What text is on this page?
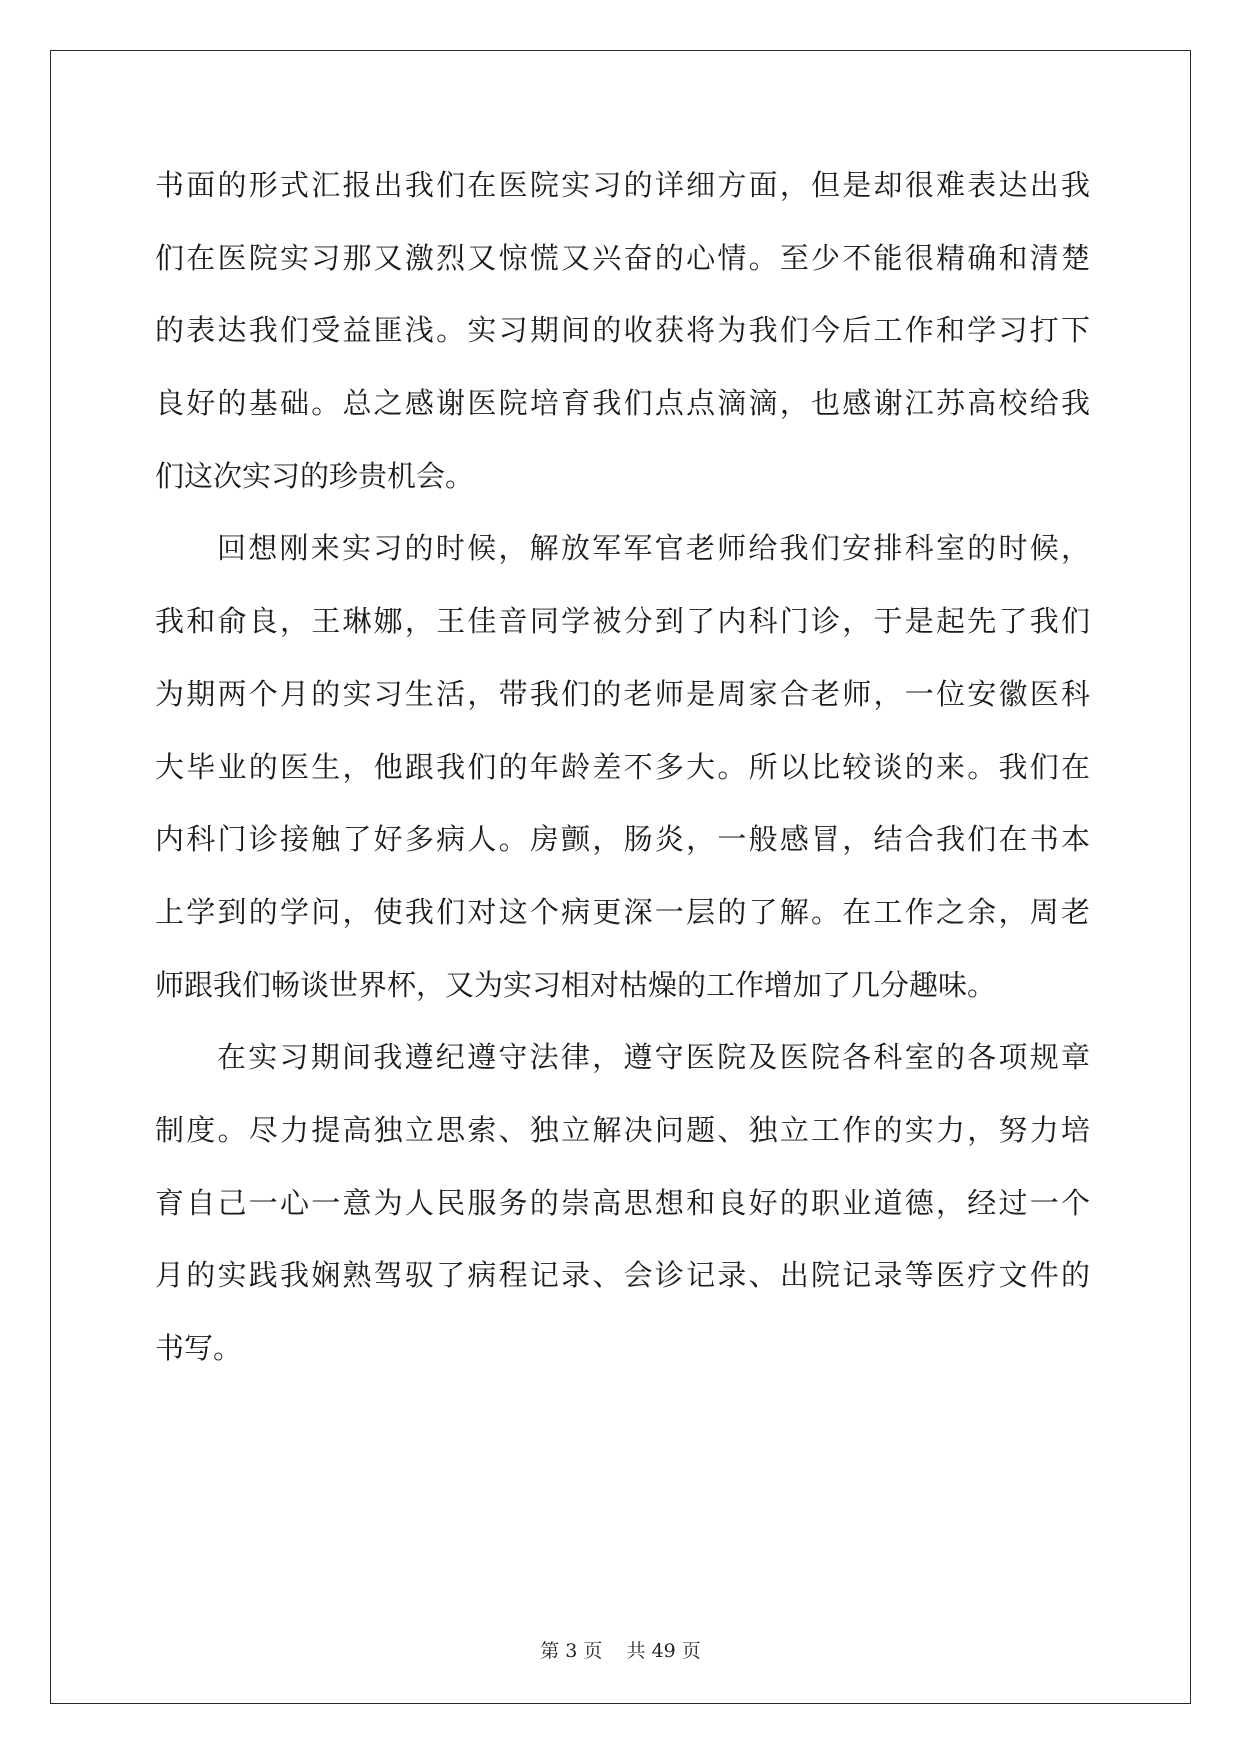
书面的形式汇报出我们在医院实习的详细方面，但是却很难表达出我
们在医院实习那又激烈又惊慌又兴奋的心情。至少不能很精确和清楚
的表达我们受益匪浅。实习期间的收获将为我们今后工作和学习打下
良好的基础。总之感谢医院培育我们点点滴滴，也感谢江苏高校给我
们这次实习的珍贵机会。
回想刚来实习的时候，解放军军官老师给我们安排科室的时候，
我和俞良，王琳娜，王佳音同学被分到了内科门诊，于是起先了我们
为期两个月的实习生活，带我们的老师是周家合老师，一位安徽医科
大毕业的医生，他跟我们的年龄差不多大。所以比较谈的来。我们在
内科门诊接触了好多病人。房颤，肠炎，一般感冒，结合我们在书本
上学到的学问，使我们对这个病更深一层的了解。在工作之余，周老
师跟我们畅谈世界杯，又为实习相对枯燥的工作增加了几分趣味。
在实习期间我遵纪遵守法律，遵守医院及医院各科室的各项规章
制度。尽力提高独立思索、独立解决问题、独立工作的实力，努力培
育自己一心一意为人民服务的崇高思想和良好的职业道德，经过一个
月的实践我娴熟驾驭了病程记录、会诊记录、出院记录等医疗文件的
书写。
第 3 页    共 49 页
